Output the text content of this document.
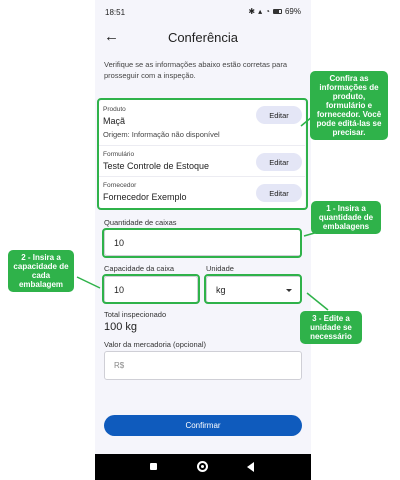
18:51	✱ ▴ ◔ 69%
←	Conferência

Verifique se as informações abaixo estão corretas para prosseguir com a inspeção.

Produto
Maçã
Origem: Informação não disponível
Editar
Formulário
Teste Controle de Estoque	Editar
Fornecedor
Fornecedor Exemplo	Editar
Quantidade de caixas
10
Capacidade da caixa
10
Unidade
kg
Total inspecionado
100 kg
Valor da mercadoria (opcional)
R$
Confirmar
Confira as informações de produto, formulário e fornecedor. Você pode editá-las se precisar.
1 - Insira a quantidade de embalagens
2 - Insira a capacidade de cada embalagem
3 - Edite a unidade se necessário
